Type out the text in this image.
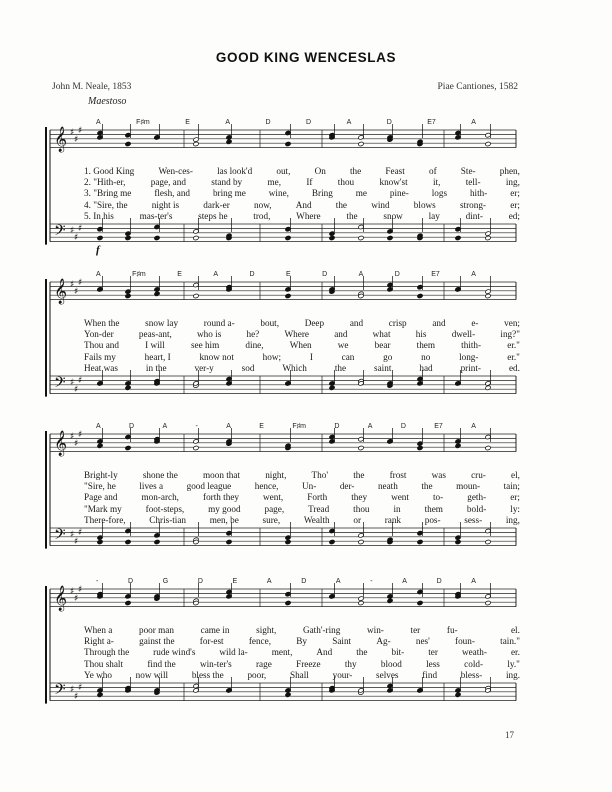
GOOD KING WENCESLAS
John M. Neale, 1853	Piae Cantiones, 1582
Maestoso
f
𝄞
𝄢
♯
♯
♯
♯
♯
♯
𝄞
𝄢
♯
♯
♯
♯
♯
♯
𝄞
𝄢
♯
♯
♯
♯
♯
♯
𝄞
𝄢
♯
♯
♯
♯
♯
♯
A	F♯m	E	A	D	D	A	D	E7	A
1. Good King	Wen-ces-	las look'd	out,	On	the	Feast	of	Ste-	phen,
2. "Hith-er,	page, and	stand by	me,	If	thou	know'st	it,	tell-	ing,
3. "Bring me flesh, and bring me wine, Bring me pine- logs hith- er;
4. "Sire, the	night is	dark-er	now,	And	the	wind	blows	strong-	er;
5. In his	mas-ter's	steps he	trod,	Where	the	snow	lay	dint-	ed;
A	F♯m	E	A	D	E	D	A	D	E7	A
When the	snow lay	round a-	bout,	Deep	and	crisp	and	e-	ven;
Yon-der	peas-ant,	who is	he?	Where	and	what	his	dwell-	ing?"
Thou and	I will	see him	dine,	When	we	bear	them	thith-	er."
Fails my	heart, I	know not	how;	I	can	go	no	long-	er."
Heat was	in the	ver-y	sod	Which	the	saint	had	print-	ed.
A	D	A	-	A	E	F♯m	D	A	D	E7	A
Bright-ly	shone the	moon that	night,	Tho'	the	frost	was	cru-	el,
"Sire, he	lives a	good league	hence,	Un-	der-	neath	the	moun-	tain;
Page and	mon-arch,	forth they	went,	Forth	they	went	to-	geth-	er;
"Mark my	foot-steps,	my good	page,	Tread	thou	in	them	bold-	ly:
There-fore,	Chris-tian	men, be	sure,	Wealth	or	rank	pos-	sess-	ing,
-	D	G	D	E	A	D	A	-	A	D	A
When a	poor man	came in	sight,	Gath'-ring	win-	ter	fu-	el.
Right a-	gainst the	for-est	fence,	By	Saint	Ag-	nes'	foun-	tain."
Through the	rude wind's	wild la-	ment,	And	the	bit-	ter	weath-	er.
Thou shalt	find the	win-ter's	rage	Freeze	thy	blood	less	cold-	ly."
Ye who	now will	bless the	poor,	Shall	your-	selves	find	bless-	ing.
17
